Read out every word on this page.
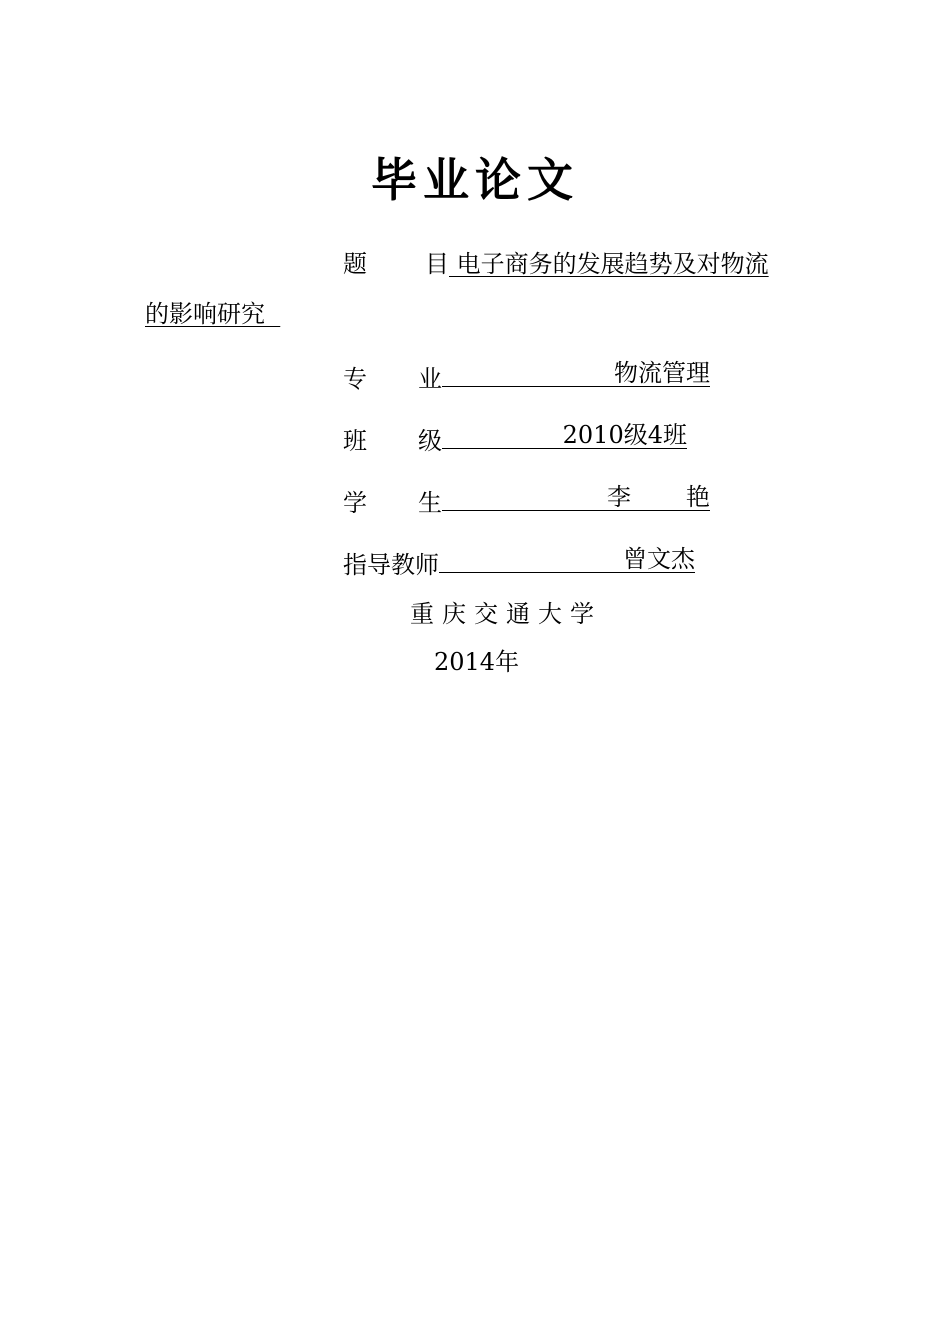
毕业论文
题 目 电子商务的发展趋势及对物流
的影响研究
专 业	物流管理
班 级	2010级4班
学 生	李 艳
指导教师	曾文杰
重庆交通大学
2014年
